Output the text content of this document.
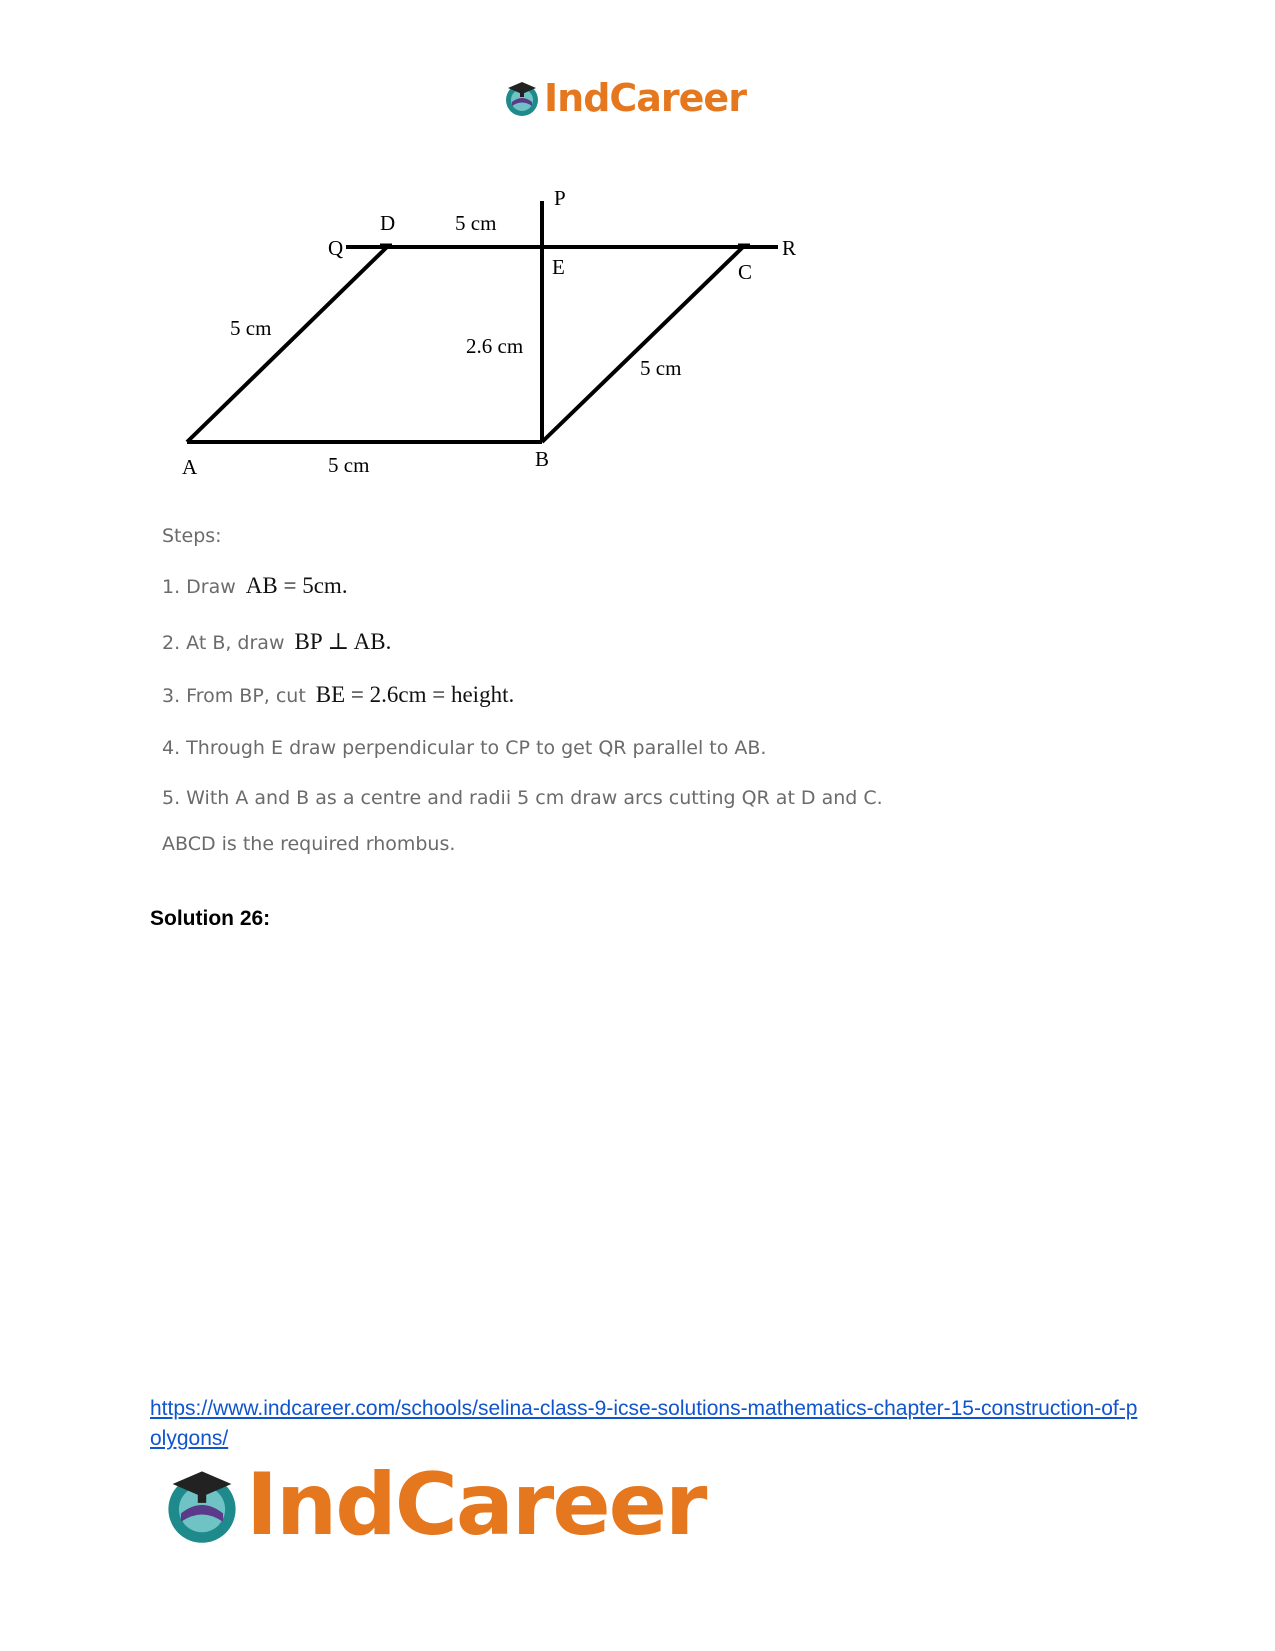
IndCareer
P
Q	R
D
E	C
A	B
5 cm
5 cm
2.6 cm
5 cm
5 cm
Steps:
1. Draw AB = 5cm.
2. At B, draw BP ⊥ AB.
3. From BP, cut BE = 2.6cm = height.
4. Through E draw perpendicular to CP to get QR parallel to AB.
5. With A and B as a centre and radii 5 cm draw arcs cutting QR at D and C.
ABCD is the required rhombus.
Solution 26:
https://www.indcareer.com/schools/selina-class-9-icse-solutions-mathematics-chapter-15-construction-of-polygons/
IndCareer
